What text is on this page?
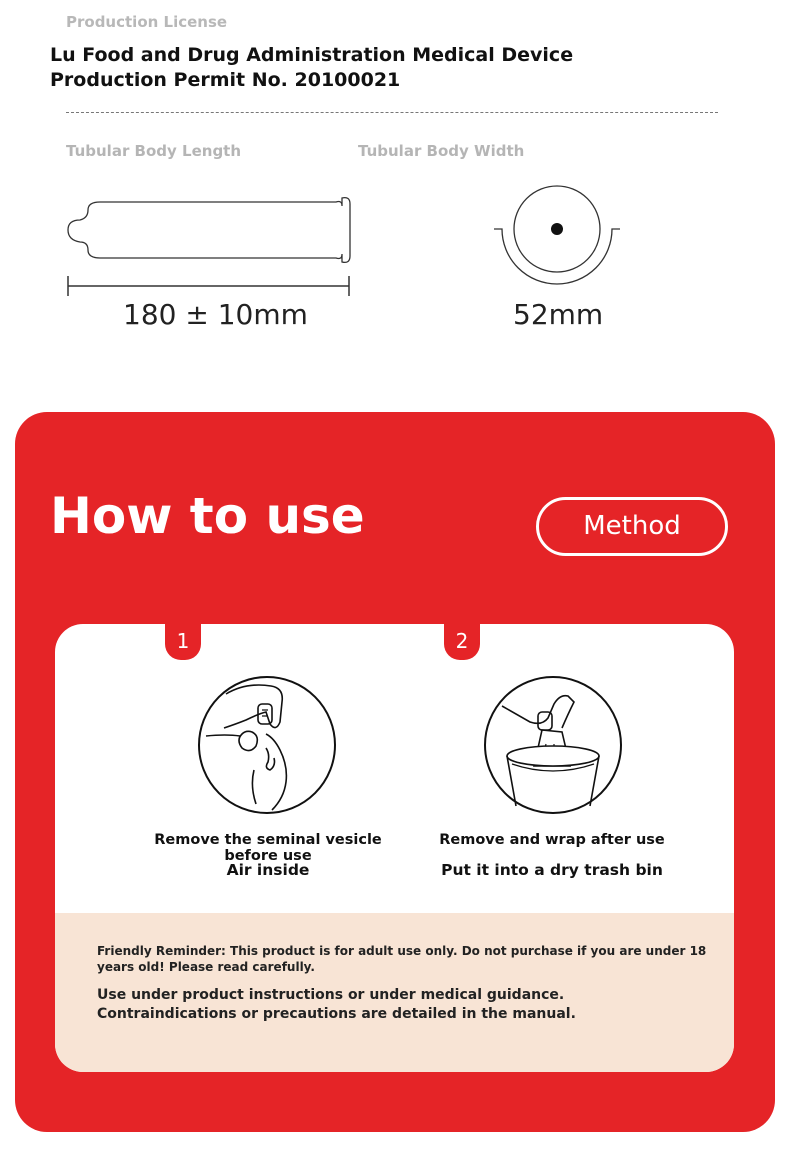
Production License
Lu Food and Drug Administration Medical Device Production Permit No. 20100021
Tubular Body Length	Tubular Body Width
180 ± 10mm	52mm
How to use	Method
1	2
Remove the seminal vesicle before use
Air inside
Remove and wrap after use
Put it into a dry trash bin
Friendly Reminder: This product is for adult use only. Do not purchase if you are under 18 years old! Please read carefully.
Use under product instructions or under medical guidance. Contraindications or precautions are detailed in the manual.
